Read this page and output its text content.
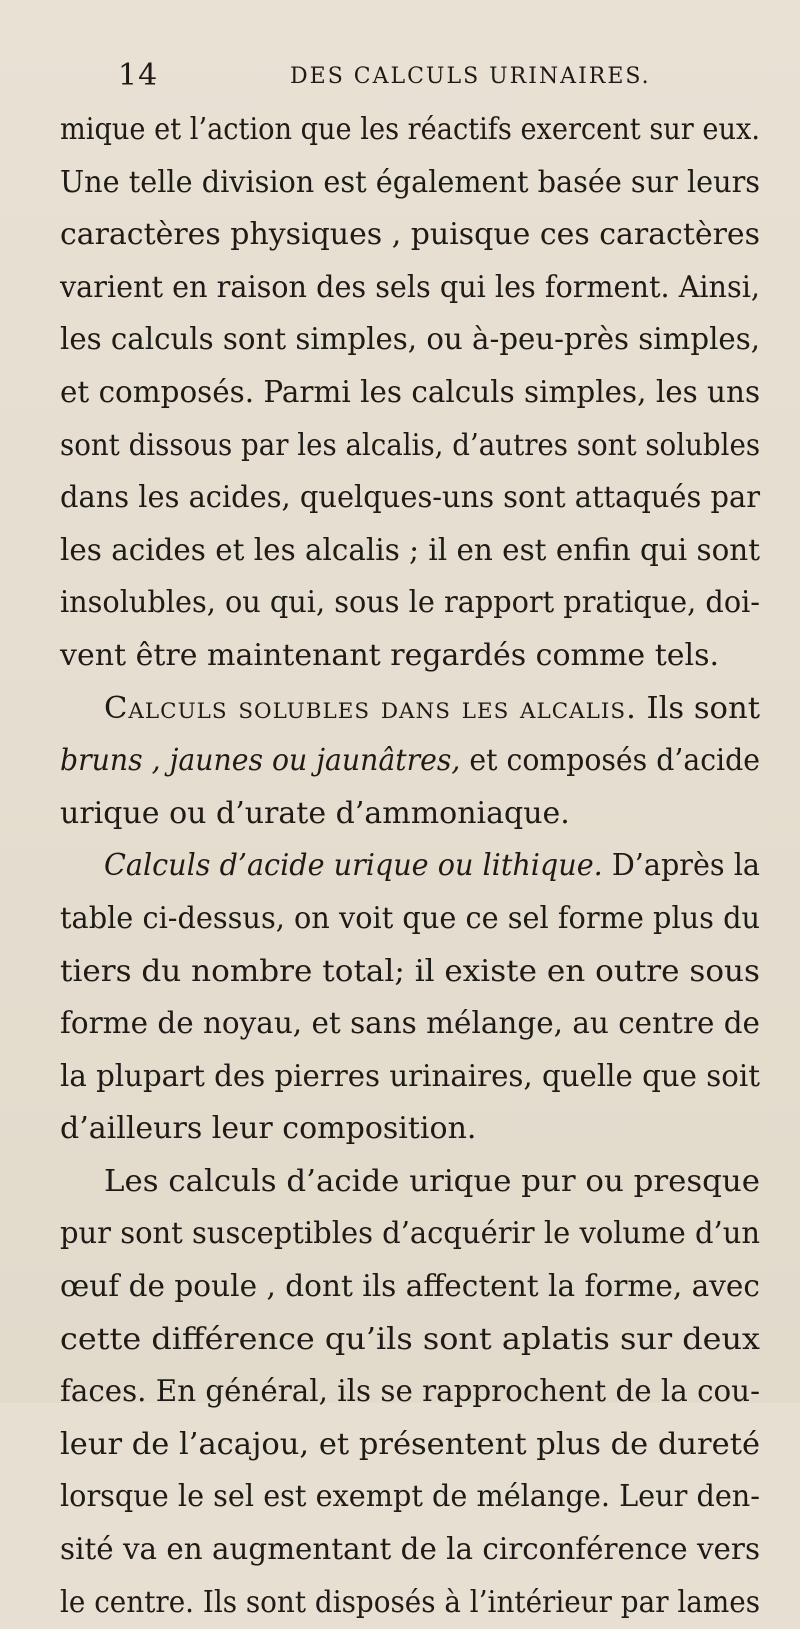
14	DES CALCULS URINAIRES.
mique et l’action que les réactifs exercent sur eux.
Une telle division est également basée sur leurs
caractères physiques , puisque ces caractères
varient en raison des sels qui les forment. Ainsi,
les calculs sont simples, ou à-peu-près simples,
et composés. Parmi les calculs simples, les uns
sont dissous par les alcalis, d’autres sont solubles
dans les acides, quelques-uns sont attaqués par
les acides et les alcalis ; il en est enfin qui sont
insolubles, ou qui, sous le rapport pratique, doi-
vent être maintenant regardés comme tels.
Calculs solubles dans les alcalis. Ils sont
bruns , jaunes ou jaunâtres, et composés d’acide
urique ou d’urate d’ammoniaque.
Calculs d’acide urique ou lithique. D’après la
table ci-dessus, on voit que ce sel forme plus du
tiers du nombre total; il existe en outre sous
forme de noyau, et sans mélange, au centre de
la plupart des pierres urinaires, quelle que soit
d’ailleurs leur composition.
Les calculs d’acide urique pur ou presque
pur sont susceptibles d’acquérir le volume d’un
œuf de poule , dont ils affectent la forme, avec
cette différence qu’ils sont aplatis sur deux
faces. En général, ils se rapprochent de la cou-
leur de l’acajou, et présentent plus de dureté
lorsque le sel est exempt de mélange. Leur den-
sité va en augmentant de la circonférence vers
le centre. Ils sont disposés à l’intérieur par lames
